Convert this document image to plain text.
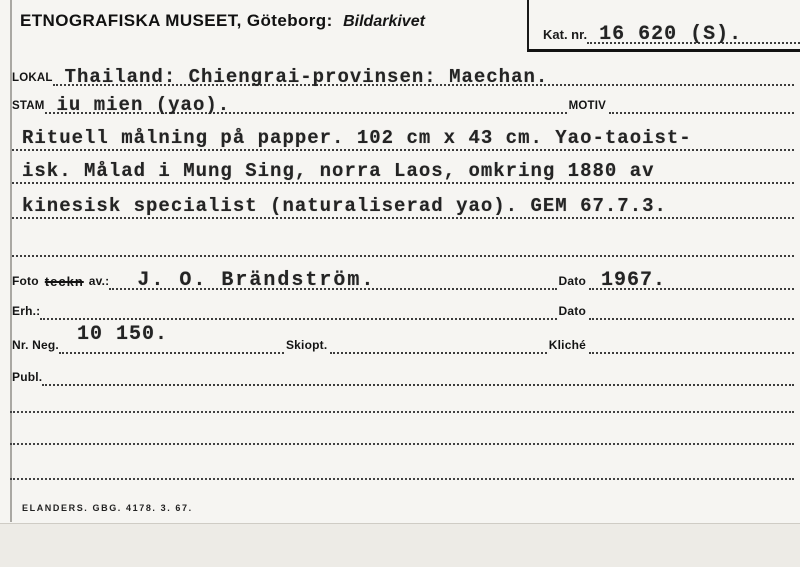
ETNOGRAFISKA MUSEET, Göteborg: Bildarkivet
Kat. nr. 16 620 (S).
LOKAL Thailand: Chiengrai-provinsen: Maechan.
STAM iu mien (yao).	MOTIV
Rituell målning på papper. 102 cm x 43 cm. Yao-taoist-
isk. Målad i Mung Sing, norra Laos, omkring 1880 av
kinesisk specialist (naturaliserad yao). GEM 67.7.3.
Foto teckn av.: J. O. Brändström.	Dato 1967.
Erh.:	Dato
Nr. Neg. 10 150.	Skiopt.	Kliché
Publ.
ELANDERS. GBG. 4178. 3. 67.
